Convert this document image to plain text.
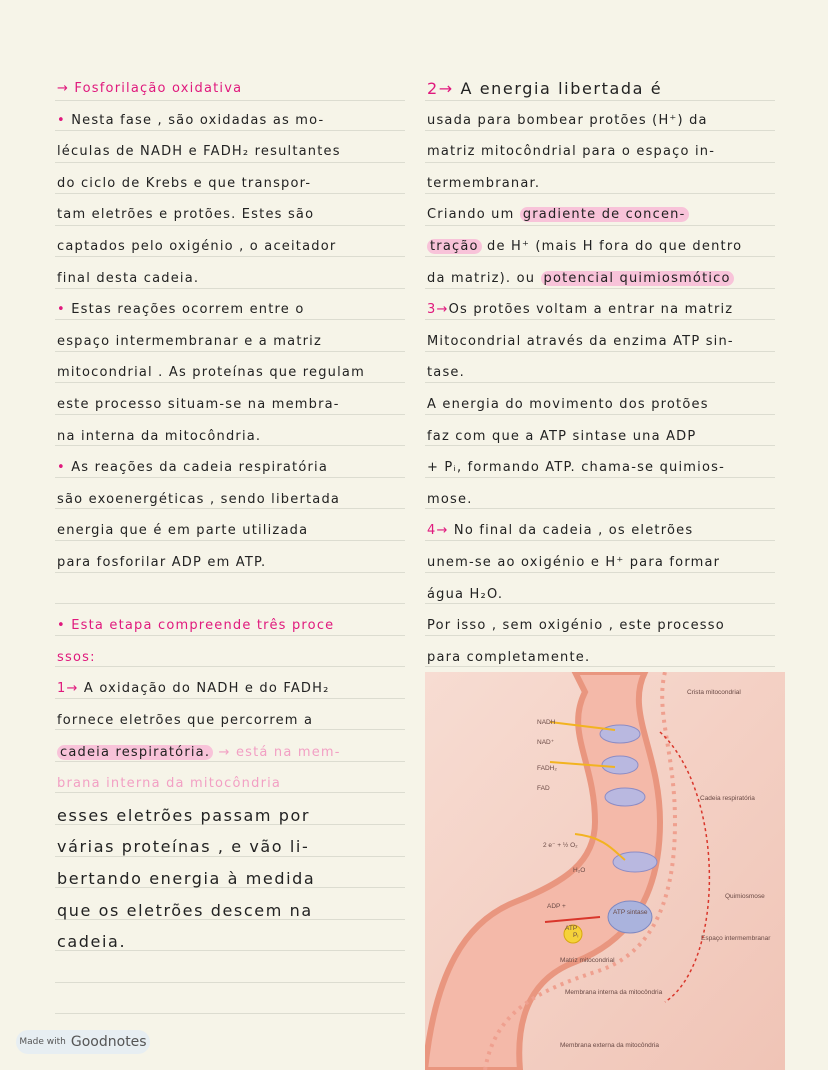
→ Fosforilação oxidativa
• Nesta fase , são oxidadas as mo-
léculas de NADH e FADH₂ resultantes
do ciclo de Krebs e que transpor-
tam eletrões e protões. Estes são
captados pelo oxigénio , o aceitador
final desta cadeia.
• Estas reações ocorrem entre o
espaço intermembranar e a matriz
mitocondrial . As proteínas que regulam
este processo situam-se na membra-
na interna da mitocôndria.
• As reações da cadeia respiratória
são exoenergéticas , sendo libertada
energia que é em parte utilizada
para fosforilar ADP em ATP.
• Esta etapa compreende três proce
ssos:
1→ A oxidação do NADH e do FADH₂
fornece eletrões que percorrem a
cadeia respiratória. → está na mem-
brana interna da mitocôndria
esses eletrões passam por
várias proteínas , e vão li-
bertando energia à medida
que os eletrões descem na
cadeia.
2→ A energia libertada é
usada para bombear protões (H⁺) da
matriz mitocôndrial para o espaço in-
termembranar.
Criando um gradiente de concen-
tração de H⁺ (mais H fora do que dentro
da matriz). ou potencial quimiosmótico
3→Os protões voltam a entrar na matriz
Mitocondrial através da enzima ATP sin-
tase.
A energia do movimento dos protões
faz com que a ATP sintase una ADP
+ Pᵢ, formando ATP. chama-se quimios-
mose.
4→ No final da cadeia , os eletrões
unem-se ao oxigénio e H⁺ para formar
água H₂O.
Por isso , sem oxigénio , este processo
para completamente.
Crista mitocondrial
NADH
NAD⁺
FADH₂
FAD
Cadeia respiratória
2 e⁻ + ½ O₂
H₂O
ADP +
Pᵢ
ATP sintase
ATP
Quimiosmose
Espaço intermembranar
Matriz mitocondrial
Membrana interna da mitocôndria
Membrana externa da mitocôndria
Made with Goodnotes
